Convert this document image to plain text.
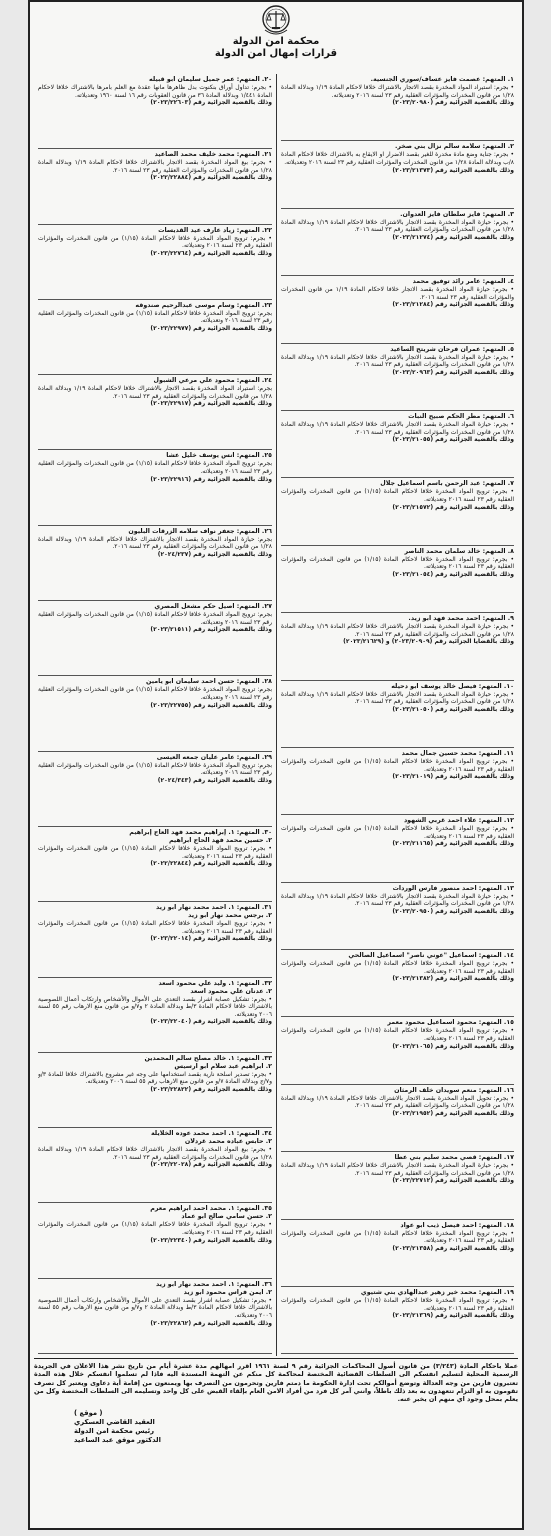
محكمة امن الدولة
قرارات إمهال امن الدولة
١. المتهم: عصمت فايز عساف/سوري الجنسية.
• بجرم: استيراد المواد المخدرة بقصد الاتجار بالاشتراك خلافا لاحكام المادة ١/١٩ وبدلالة المادة ١/٢٨ من قانون المخدرات والمؤثرات العقلية رقم ٢٣ لسنة ٢٠١٦ وتعديلاته.
وذلك بالقضية الجزائية رقم (٢٠٢٣/٢٠٩٨٠)
٢. المتهم: سلامة سالم نزال بني صخر.
• بجرم: جناية وضع مادة مخدرة للغير بقصد الاضرار او الايقاع به بالاشتراك خلافا لاحكام المادة ٨/ب وبدلالة المادة ١/٢٨ من قانون المخدرات والمؤثرات العقلية رقم ٢٣ لسنة ٢٠١٦ وتعديلاته.
وذلك بالقضية الجزائية رقم (٢٠٢٣/٢١٣٧٣)
٣. المتهم: فايز سلطان فايز العدوان.
• بجرم: حيازة المواد المخدرة بقصد الاتجار بالاشتراك خلافا لاحكام المادة ١/١٩ وبدلالة المادة ١/٢٨ من قانون المخدرات والمؤثرات العقلية رقم ٢٣ لسنة ٢٠١٦.
وذلك بالقضية الجزائية رقم (٢٠٢٣/٢١٢٧٤)
٤. المتهم: عامر رائد توفيق محمد
• بجرم: حيازة المواد المخدرة بقصد الاتجار خلافا لاحكام المادة ١/١٩ من قانون المخدرات والمؤثرات العقلية رقم ٢٣ لسنة ٢٠١٦.
وذلك بالقضية الجزائية رقم (٢٠٢٣/٢١٢٨٤)
٥. المتهم: عمران فرحان شريتح الساعيد
• بجرم: حيازة المواد المخدرة بقصد الاتجار بالاشتراك خلافا لاحكام المادة ١/١٩ وبدلالة المادة ١/٢٨ من قانون المخدرات والمؤثرات العقلية رقم ٢٣ لسنة ٢٠١٦.
وذلك بالقضية الجزائية رقم (٢٠٢٣/٢٠٩٦٣)
٦. المتهم: مطر الحكم صبيح النبات
• بجرم: حيازة المواد المخدرة بقصد الاتجار بالاشتراك خلافا لاحكام المادة ١/١٩ وبدلالة المادة ١/٢٨ من قانون المخدرات والمؤثرات العقلية رقم ٢٣ لسنة ٢٠١٦.
وذلك بالقضية الجزائية رقم (٢٠٢٣/٢١٠٥٥)
٧. المتهم: عبد الرحمن باسم اسماعيل جلال
• بجرم: ترويج المواد المخدرة خلافا لاحكام المادة (١/١٥) من قانون المخدرات والمؤثرات العقلية رقم ٢٣ لسنة ٢٠١٦ وتعديلاته.
وذلك بالقضية الجزائية رقم (٢٠٢٣/٢١٥٧٢)
٨. المتهم: خالد سلمان محمد الناصر
• بجرم: ترويج المواد المخدرة خلافا لاحكام المادة (١/١٥) من قانون المخدرات والمؤثرات العقلية رقم ٢٣ لسنة ٢٠١٦ وتعديلاته.
وذلك بالقضية الجزائية رقم (٢٠٢٣/٢١٠٥٤)
٩. المتهم: احمد محمد فهد ابو زيد.
• بجرم: حيازة المواد المخدرة بقصد الاتجار بالاشتراك خلافا لاحكام المادة ١/١٩ وبدلالة المادة ١/٢٨ من قانون المخدرات والمؤثرات العقلية رقم ٢٣ لسنة ٢٠١٦.
وذلك بالقضايا الجزائية رقم (٢٠٢٣/٢٠٩٠٩) و (٢٠٢٣/٢١٦٢٩)
١٠. المتهم: فيصل خالد يوسف ابو دحيله
• بجرم: حيازة المواد المخدرة بقصد الاتجار بالاشتراك خلافا لاحكام المادة ١/١٩ وبدلالة المادة ١/٢٨ من قانون المخدرات والمؤثرات العقلية رقم ٢٣ لسنة ٢٠١٦.
وذلك بالقضية الجزائية رقم (٢٠٢٣/٢١٠٥٠)
١١. المتهم: محمد حسين جمال محمد
• بجرم: ترويج المواد المخدرة خلافا لاحكام المادة (١/١٥) من قانون المخدرات والمؤثرات العقلية رقم ٢٣ لسنة ٢٠١٦ وتعديلاته.
وذلك بالقضية الجزائية رقم (٢٠٢٣/٢١٠١٩)
١٢. المتهم: علاء احمد غربي الشهود
• بجرم: ترويج المواد المخدرة خلافا لاحكام المادة (١/١٥) من قانون المخدرات والمؤثرات العقلية رقم ٢٣ لسنة ٢٠١٦ وتعديلاته.
وذلك بالقضية الجزائية رقم (٢٠٢٣/٢١١٦٥)
١٣. المتهم: احمد منصور فارس الوردات
• بجرم: حيازة المواد المخدرة بقصد الاتجار بالاشتراك خلافا لاحكام المادة ١/١٩ وبدلالة المادة ١/٢٨ من قانون المخدرات والمؤثرات العقلية رقم ٢٣ لسنة ٢٠١٦.
وذلك بالقضية الجزائية رقم (٢٠٢٣/٢٠٩٥٠)
١٤. المتهم: اسماعيل "عوني ناصر" اسماعيل الصالحي
• بجرم: ترويج المواد المخدرة خلافا لاحكام المادة (١/١٥) من قانون المخدرات والمؤثرات العقلية رقم ٢٣ لسنة ٢٠١٦ وتعديلاته.
وذلك بالقضية الجزائية رقم (٢٠٢٣/٢١٣٨٢)
١٥. المتهم: محمود اسماعيل محمود معمر
• بجرم: ترويج المواد المخدرة خلافا لاحكام المادة (١/١٥) من قانون المخدرات والمؤثرات العقلية رقم ٢٣ لسنة ٢٠١٦ وتعديلاته.
وذلك بالقضية الجزائية رقم (٢٠٢٣/٢١٠٦٥)
١٦. المتهم: منعم سويدان خلف الرمثان
• بجرم: تحويل المواد المخدرة بقصد الاتجار بالاشتراك خلافا لاحكام المادة ١/١٩ وبدلالة المادة ١/٢٨ من قانون المخدرات والمؤثرات العقلية رقم ٢٣ لسنة ٢٠١٦.
وذلك بالقضية الجزائية رقم (٢٠٢٣/٢١٩٥٢)
١٧. المتهم: قصي محمد سليم بني عطا
• بجرم: حيازة المواد المخدرة بقصد الاتجار بالاشتراك خلافا لاحكام المادة ١/١٩ وبدلالة المادة ١/٢٨ من قانون المخدرات والمؤثرات العقلية رقم ٢٣ لسنة ٢٠١٦.
وذلك بالقضية الجزائية رقم (٢٠٢٣/٢٢٧١٢)
١٨. المتهم: احمد فيصل ذيب ابو عواد
• بجرم: ترويج المواد المخدرة خلافا لاحكام المادة (١/١٥) من قانون المخدرات والمؤثرات العقلية رقم ٢٣ لسنة ٢٠١٦ وتعديلاته.
وذلك بالقضية الجزائية رقم (٢٠٢٣/٢١٣٥٨)
١٩. المتهم: محمد خير زهير عبدالهادي بني شتيوي
• بجرم: ترويج المواد المخدرة خلافا لاحكام المادة (١/١٥) من قانون المخدرات والمؤثرات العقلية رقم ٢٣ لسنة ٢٠١٦ وتعديلاته.
وذلك بالقضية الجزائية رقم (٢٠٢٣/٢١٣٦٩)
٢٠. المتهم: عمر جميل سليمان ابو قبيله
• بجرم: تداول أوراق بنكنوت بدل ظاهرها مانها عقدة مع العلم بامرها بالاشتراك خلافا لاحكام المادة ١/٤٤١ وبدلالة المادة ٣٦ من قانون العقوبات رقم ١٦ لسنة ١٩٦٠ وتعديلاته.
وذلك بالقضية الجزائية رقم (٢٠٢٣/٢٢٦٠٣)
٢١. المتهم: محمد خليف محمد الصاعيد
• بجرم: بيع المواد المخدرة بقصد الاتجار بالاشتراك خلافا لاحكام المادة ١/١٩ وبدلالة المادة ١/٢٨ من قانون المخدرات والمؤثرات العقلية رقم ٢٣ لسنة ٢٠١٦.
وذلك بالقضية الجزائية رقم (٢٠٢٢/٢٢٨٨٤)
٢٢. المتهم: زياد عارف عيد القديسات
• بجرم: ترويج المواد المخدرة خلافا لاحكام المادة (١/١٥) من قانون المخدرات والمؤثرات العقلية رقم ٢٣ لسنة ٢٠١٦ وتعديلاته.
وذلك بالقضية الجزائية رقم (٢٠٢٣/٢٢٧٦٤)
٢٣. المتهم: وسام موسى عبدالرحيم صندوقه
بجرم: ترويج المواد المخدرة خلافا لاحكام المادة (١/١٥) من قانون المخدرات والمؤثرات العقلية رقم ٢٣ لسنة ٢٠١٦ وتعديلاته.
وذلك بالقضية الجزائية رقم (٢٠٢٣/٢٢٩٧٧)
٢٤. المتهم: محمود علي مرعي الشبول
بجرم: استيراد المواد المخدرة بقصد الاتجار بالاشتراك خلافا لاحكام المادة ١/١٩ وبدلالة المادة ١/٢٨ من قانون المخدرات والمؤثرات العقلية رقم ٢٣ لسنة ٢٠١٦.
وذلك بالقضية الجزائية رقم (٢٠٢٣/٢٢٩١٧)
٢٥. المتهم: انس يوسف خليل عشا
بجرم: ترويج المواد المخدرة خلافا لاحكام المادة (١/١٥) من قانون المخدرات والمؤثرات العقلية رقم ٢٣ لسنة ٢٠١٦ وتعديلاته.
وذلك بالقضية الجزائية رقم (٢٠٢٣/٢٢٩١٦)
٢٦. المتهم: جعفر نواف سلامه الزرقات البليون
بجرم: حيازة المواد المخدرة بقصد الاتجار بالاشتراك خلافا لاحكام المادة ١/١٩ وبدلالة المادة ١/٢٨ من قانون المخدرات والمؤثرات العقلية رقم ٢٣ لسنة ٢٠١٦.
وذلك بالقضية الجزائية رقم (٢٠٢٤/٢٣٧)
٢٧. المتهم: اصيل حكم مشعل المصري
بجرم: ترويج المواد المخدرة خلافا لاحكام المادة (١/١٥) من قانون المخدرات والمؤثرات العقلية رقم ٢٣ لسنة ٢٠١٦ وتعديلاته.
وذلك بالقضية الجزائية رقم (٢٠٢٣/٢١٥١١)
٢٨. المتهم: حسن احمد سليمان ابو يامين
بجرم: ترويج المواد المخدرة خلافا لاحكام المادة (١/١٥) من قانون المخدرات والمؤثرات العقلية رقم ٢٣ لسنة ٢٠١٦ وتعديلاته.
وذلك بالقضية الجزائية رقم (٢٠٢٣/٢٢٧٥٥)
٢٩. المتهم: عامر عليان جمعه العيسى
بجرم: ترويج المواد المخدرة خلافا لاحكام المادة (١/١٥) من قانون المخدرات والمؤثرات العقلية رقم ٢٣ لسنة ٢٠١٦ وتعديلاته.
وذلك بالقضية الجزائية رقم (٢٠٢٤/٣٤٣)
٣٠. المتهم: ١. إبراهيم محمد فهد العاج إبراهيم
٢. حسين محمد فهد الحاج ابراهيم
• بجرم: ترويج المواد المخدرة خلافا لاحكام المادة (١/١٥) من قانون المخدرات والمؤثرات العقلية رقم ٢٣ لسنة ٢٠١٦ وتعديلاته.
وذلك بالقضية الجزائية رقم (٢٠٢٢/٢٢٨٤٤)
٣١. المتهم: ١. احمد محمد نهار ابو زيد
٢. برجس محمد نهار ابو زيد
• بجرم: ترويج المواد المخدرة خلافا لاحكام المادة (١/١٥) من قانون المخدرات والمؤثرات العقلية رقم ٢٣ لسنة ٢٠١٦ وتعديلاته.
وذلك بالقضية الجزائية رقم (٢٠٢٣/٢٢٠١٤)
٣٢. المتهم: ١. وليد علي محمود اسعد
٢. عدنان علي محمود اسعد
• بجرم: تشكيل عصابة اشرار بقصد التعدي على الأموال والأشخاص وارتكاب أعمال اللصوصية بالاشتراك خلافا لاحكام المادة ٣/ط وبدلالة المادة ٢ و٧/و من قانون منع الارهاب رقم ٥٥ لسنة ٢٠٠٦ وتعديلاته.
وذلك بالقضية الجزائية رقم (٢٠٢٣/٢٢٠٤٠)
٣٣. المتهم: ١. خالد مصلح سالم المحمدين
٢. ابراهيم عبد سلام ابو ارسيس
• بجرم: تصدير اسلحة نارية بقصد استخدامها على وجه غير مشروع بالاشتراك خلافا للمادة ٣/و و٧/ج وبدلالة المادة ٧/و من قانون منع الارهاب رقم ٥٥ لسنة ٢٠٠٦ وتعديلاته.
وذلك بالقضية الجزائية رقم (٢٠٢٣/٢٢٨٢٢)
٣٤. المتهم: ١. احمد محمد عوده الخلايلة
٢. حابس عباده محمد غردلان
• بجرم: بيع المواد المخدرة بقصد الاتجار بالاشتراك خلافا لاحكام المادة ١/١٩ وبدلالة المادة ١/٢٨ من قانون المخدرات والمؤثرات العقلية رقم ٢٣ لسنة ٢٠١٦.
وذلك بالقضية الجزائية رقم (٢٠٢٣/٢٢٠٢٨)
٣٥. المتهم: ١. محمد احمد ابراهيم معرم
٢. حسن سامي صالح ابو عماد
• بجرم: ترويج المواد المخدرة خلافا لاحكام المادة (١/١٥) من قانون المخدرات والمؤثرات العقلية رقم ٢٣ لسنة ٢٠١٦ وتعديلاته.
وذلك بالقضية الجزائية رقم (٢٠٢٣/٢٢٣٤٠)
٣٦. المتهم: ١. احمد محمد نهار ابو زيد
٢. ايمن فراس محمود ابو زيد
• بجرم: تشكيل عصابة اشرار بقصد التعدي على الأموال والأشخاص وارتكاب أعمال اللصوصية بالاشتراك خلافا لاحكام المادة ٣/ط وبدلالة المادة ٢ و٧/و من قانون منع الارهاب رقم ٥٥ لسنة ٢٠٠٦ وتعديلاته.
وذلك بالقضية الجزائية رقم (٢٠٢٣/٢٢٨٦٢)
عملا باحكام المادة (٣/٢٤٣) من قانون أصول المحاكمات الجزائية رقم ٩ لسنة ١٩٦١ اقرر امهالهم مدة عشرة أيام من تاريخ نشر هذا الاعلان في الجريدة الرسمية المحلية لتسليم انفسكم الى السلطات القضائية المختصة لمحاكمة كل منكم عن التهمة المسندة اليه فاذا لم تسلموا انفسكم خلال هذه المدة تعتبرون فارين من وجه العدالة وتوضع أموالكم تحت ادارة الحكومة ما دمتم فارين وتحرمون من التصرف بها ويمنعون من إقامة أية دعاوى ويعتبر كل تصرف تقومون به او التزام تتعهدون به بعد ذلك باطلاً، وانني آمر كل فرد من أفراد الامن العام بإلقاء القبض على كل واحد وتسليمه الى السلطات المختصة وكل من يعلم بمحل وجود اي منهم ان يخبر عنه.
( موقع )
العقيد القاضي العسكري
رئيس محكمة امن الدولة
الدكتور موفق عبد الساعيد
